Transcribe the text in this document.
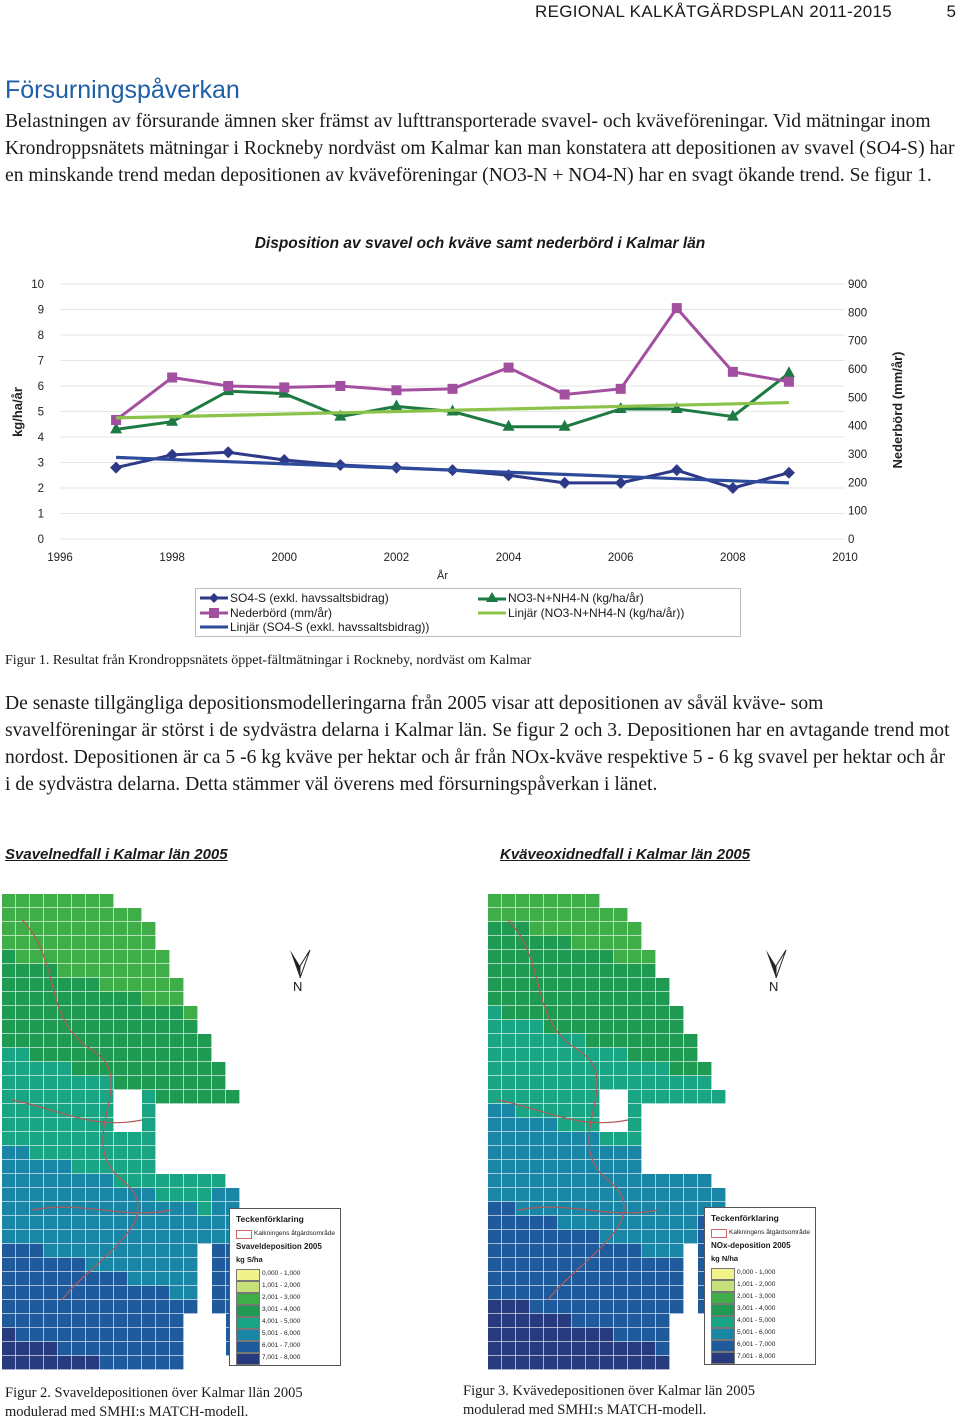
REGIONAL KALKÅTGÄRDSPLAN 2011-2015	5
Försurningspåverkan

Belastningen av försurande ämnen sker främst av lufttransporterade svavel- och kväveföreningar. Vid mätningar inom Krondroppsnätets mätningar i Rockneby nordväst om Kalmar kan man konstatera att depositionen av svavel (SO4-S) har en minskande trend medan depositionen av kväveföreningar (NO3-N + NO4-N) har en svagt ökande trend. Se figur 1.

Disposition av svavel och kväve samt nederbörd i Kalmar län
0
1
2
3
4
5
6
7
8
9
10
0
100
200
300
400
500
600
700
800
900
1996	1998	2000	2002	2004	2006	2008	2010
År
kg/ha/år	Nederbörd (mm/år)
SO4-S (exkl. havssaltsbidrag)	NO3-N+NH4-N (kg/ha/år)
Nederbörd (mm/år)	Linjär (NO3-N+NH4-N (kg/ha/år))
Linjär (SO4-S (exkl. havssaltsbidrag))
Figur 1. Resultat från Krondroppsnätets öppet-fältmätningar i Rockneby, nordväst om Kalmar

De senaste tillgängliga depositionsmodelleringarna från 2005 visar att depositionen av såväl kväve- som svavelföreningar är störst i de sydvästra delarna i Kalmar län. Se figur 2 och 3. Depositionen har en avtagande trend mot nordost. Depositionen är ca 5 -6 kg kväve per hektar och år från NOx-kväve respektive 5 - 6 kg svavel per hektar och år i de sydvästra delarna. Detta stämmer väl överens med försurningspåverkan i länet.

Svavelnedfall i Kalmar län 2005	Kväveoxidnedfall i Kalmar län 2005
N
Teckenförklaring
Kalkningens åtgärdsområde
Svaveldeposition 2005
kg S/ha
0,000 - 1,000
1,001 - 2,000
2,001 - 3,000
3,001 - 4,000
4,001 - 5,000
5,001 - 6,000
6,001 - 7,000
7,001 - 8,000
N
Teckenförklaring
Kalkningens åtgärdsområde
NOx-deposition 2005
kg N/ha
0,000 - 1,000
1,001 - 2,000
2,001 - 3,000
3,001 - 4,000
4,001 - 5,000
5,001 - 6,000
6,001 - 7,000
7,001 - 8,000
Figur 2. Svaveldepositionen över Kalmar llän 2005 modulerad med SMHI:s MATCH-modell.
Figur 3. Kvävedepositionen över Kalmar län 2005 modulerad med SMHI:s MATCH-modell.
